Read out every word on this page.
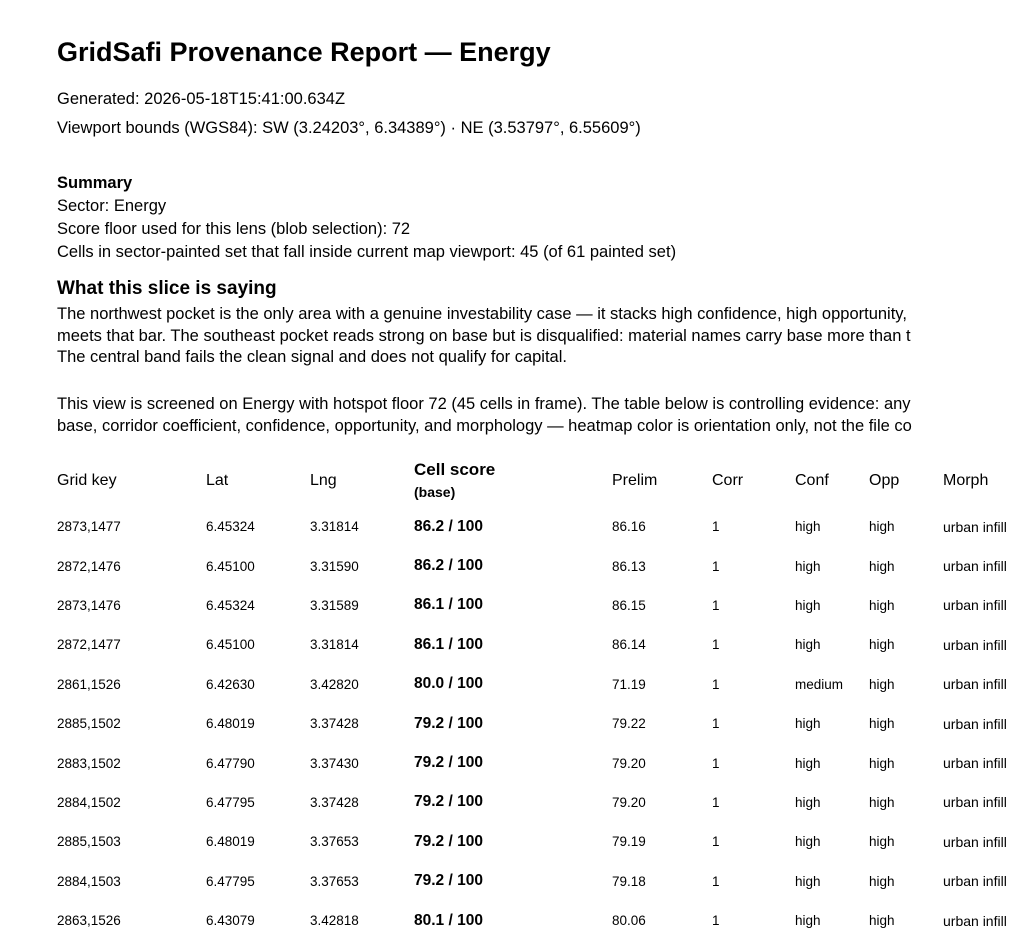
GridSafi Provenance Report — Energy

Generated: 2026-05-18T15:41:00.634Z

Viewport bounds (WGS84): SW (3.24203°, 6.34389°) · NE (3.53797°, 6.55609°)

Summary
Sector: Energy
Score floor used for this lens (blob selection): 72
Cells in sector-painted set that fall inside current map viewport: 45 (of 61 painted set)
What this slice is saying
The northwest pocket is the only area with a genuine investability case — it stacks high confidence, high opportunity,
meets that bar. The southeast pocket reads strong on base but is disqualified: material names carry base more than t
The central band fails the clean signal and does not qualify for capital.
This view is screened on Energy with hotspot floor 72 (45 cells in frame). The table below is controlling evidence: any
base, corridor coefficient, confidence, opportunity, and morphology — heatmap color is orientation only, not the file co
Grid key	Lat	Lng	Cell score
(base)	Prelim	Corr	Conf	Opp	Morph
2873,1477	6.45324	3.31814	86.2 / 100	86.16	1	high	high	urban infill
2872,1476	6.45100	3.31590	86.2 / 100	86.13	1	high	high	urban infill
2873,1476	6.45324	3.31589	86.1 / 100	86.15	1	high	high	urban infill
2872,1477	6.45100	3.31814	86.1 / 100	86.14	1	high	high	urban infill
2861,1526	6.42630	3.42820	80.0 / 100	71.19	1	medium	high	urban infill
2885,1502	6.48019	3.37428	79.2 / 100	79.22	1	high	high	urban infill
2883,1502	6.47790	3.37430	79.2 / 100	79.20	1	high	high	urban infill
2884,1502	6.47795	3.37428	79.2 / 100	79.20	1	high	high	urban infill
2885,1503	6.48019	3.37653	79.2 / 100	79.19	1	high	high	urban infill
2884,1503	6.47795	3.37653	79.2 / 100	79.18	1	high	high	urban infill
2863,1526	6.43079	3.42818	80.1 / 100	80.06	1	high	high	urban infill
